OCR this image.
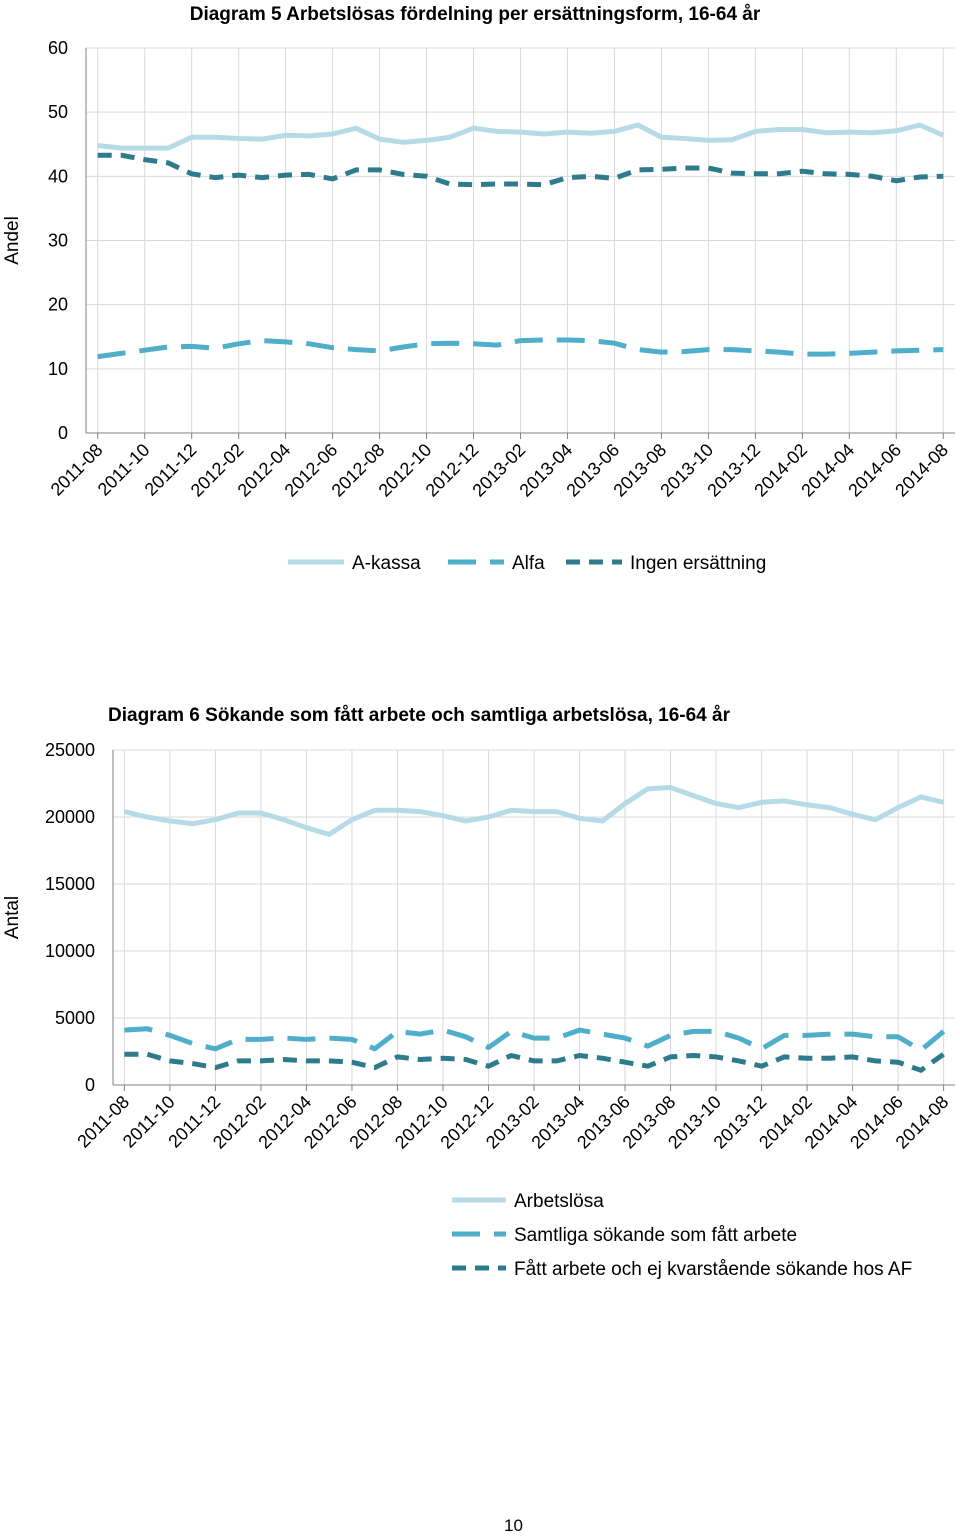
Diagram 5 Arbetslösas fördelning per ersättningsform, 16-64 år
Andel
0
10
20
30
40
50
60
2011-08
2011-10
2011-12
2012-02
2012-04
2012-06
2012-08
2012-10
2012-12
2013-02
2013-04
2013-06
2013-08
2013-10
2013-12
2014-02
2014-04
2014-06
2014-08
A-kassa	Alfa	Ingen ersättning
Diagram 6 Sökande som fått arbete och samtliga arbetslösa, 16-64 år
Antal
0
5000
10000
15000
20000
25000
2011-08
2011-10
2011-12
2012-02
2012-04
2012-06
2012-08
2012-10
2012-12
2013-02
2013-04
2013-06
2013-08
2013-10
2013-12
2014-02
2014-04
2014-06
2014-08
Arbetslösa
Samtliga sökande som fått arbete
Fått arbete och ej kvarstående sökande hos AF
10
